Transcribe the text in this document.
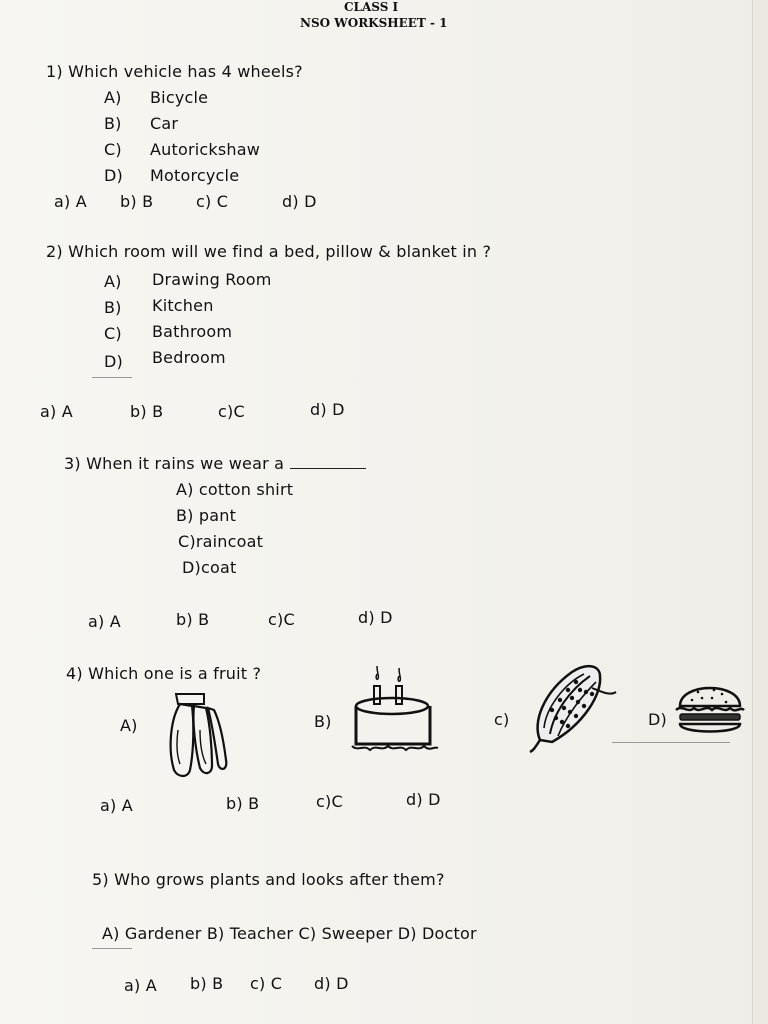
CLASS I
NSO WORKSHEET - 1
1) Which vehicle has 4 wheels?
A) Bicycle
B) Car
C) Autorickshaw
D) Motorcycle
a) A b) B	c) C	d) D
2) Which room will we find a bed, pillow & blanket in ?
A) Drawing Room
B) Kitchen
C) Bathroom
D) Bedroom
a) A	b) B	c)C	d) D
3) When it rains we wear a
A) cotton shirt
B) pant
C)raincoat
D)coat
a) A	b) B	c)C	d) D
4) Which one is a fruit ?
A)	B)	c)	D)
a) A	b) B	c)C	d) D
5) Who grows plants and looks after them?
A) Gardener B) Teacher C) Sweeper D) Doctor
a) A b) B c) C d) D
